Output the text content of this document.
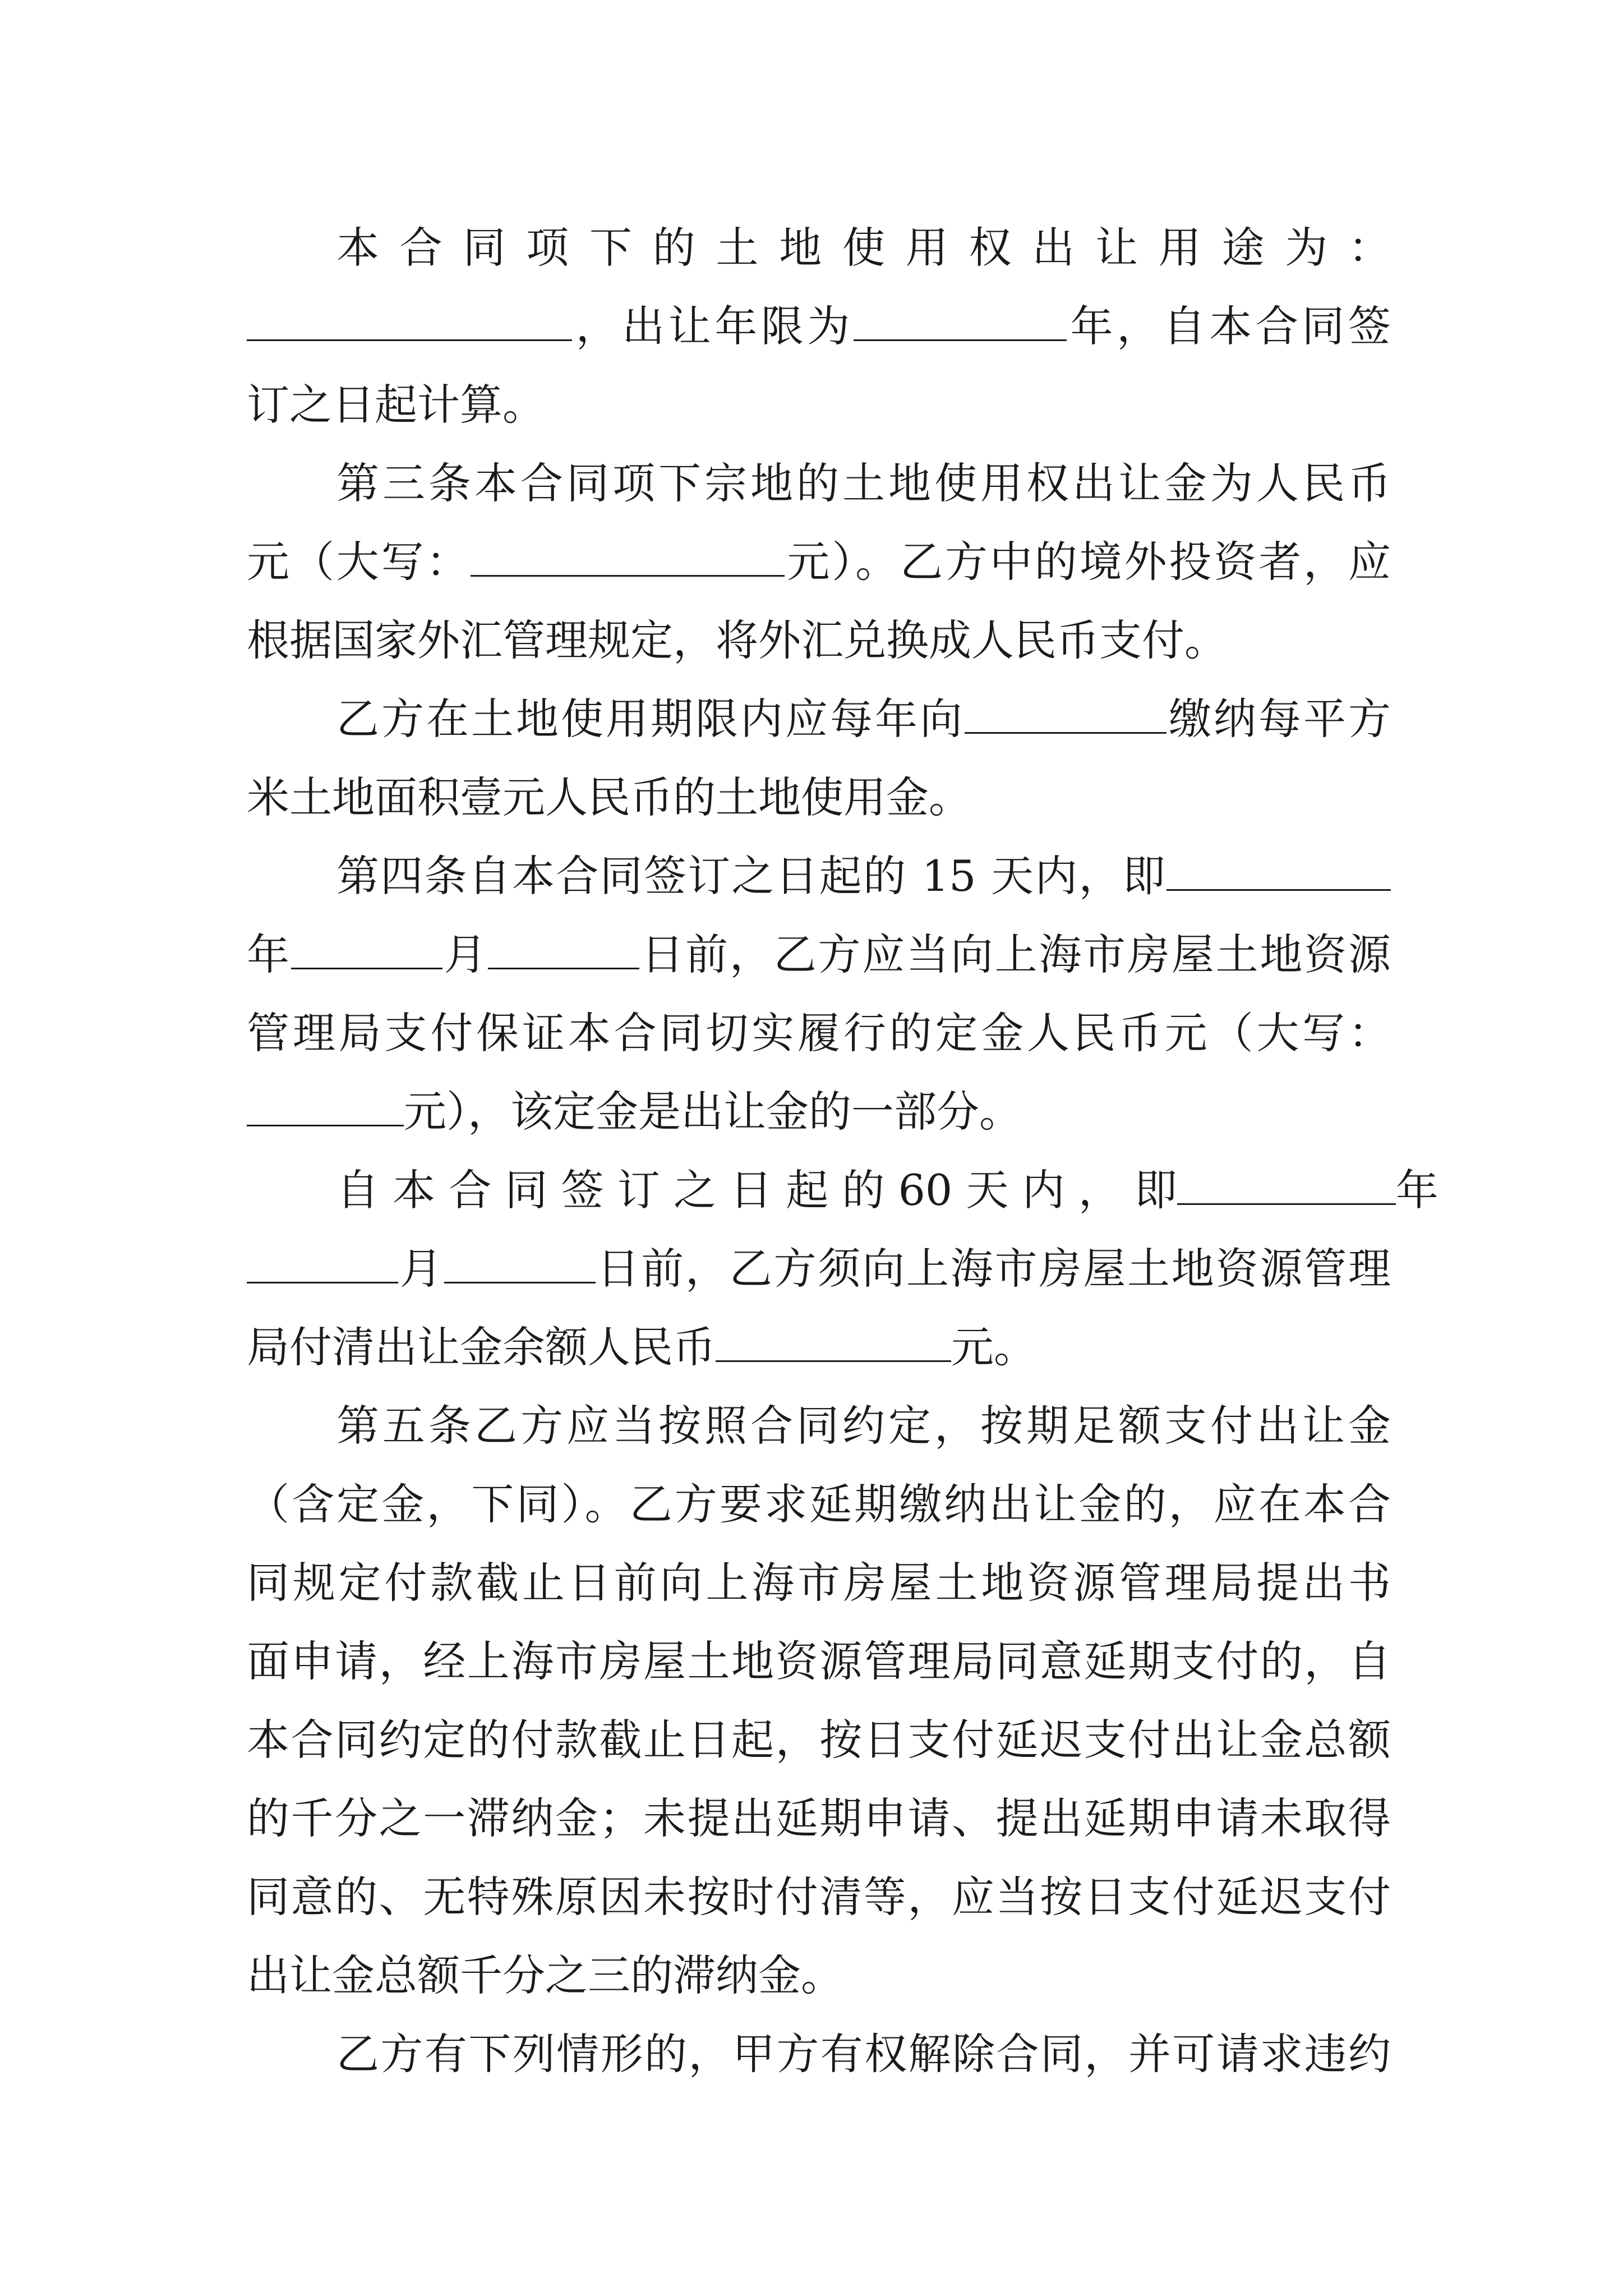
本 合 同 项 下 的 土 地 使 用 权 出 让 用 途 为 ：
，出让年限为	年，自本合同签
订之日起计算。
第三条本合同项下宗地的土地使用权出让金为人民币
元（大写：	元）。乙方中的境外投资者，应
根据国家外汇管理规定，将外汇兑换成人民币支付。
乙方在土地使用期限内应每年向	缴纳每平方
米土地面积壹元人民币的土地使用金。
第四条自本合同签订之日起的 15 天内，即
年	月	日前，乙方应当向上海市房屋土地资源
管理局支付保证本合同切实履行的定金人民币元（大写：
元），该定金是出让金的一部分。
自 本 合 同 签 订 之 日 起 的 60 天 内 ， 即	年
月	日前，乙方须向上海市房屋土地资源管理
局付清出让金余额人民币	元。
第五条乙方应当按照合同约定，按期足额支付出让金
（含定金，下同）。乙方要求延期缴纳出让金的，应在本合
同规定付款截止日前向上海市房屋土地资源管理局提出书
面申请，经上海市房屋土地资源管理局同意延期支付的，自
本合同约定的付款截止日起，按日支付延迟支付出让金总额
的千分之一滞纳金；未提出延期申请、提出延期申请未取得
同意的、无特殊原因未按时付清等，应当按日支付延迟支付
出让金总额千分之三的滞纳金。
乙方有下列情形的，甲方有权解除合同，并可请求违约
